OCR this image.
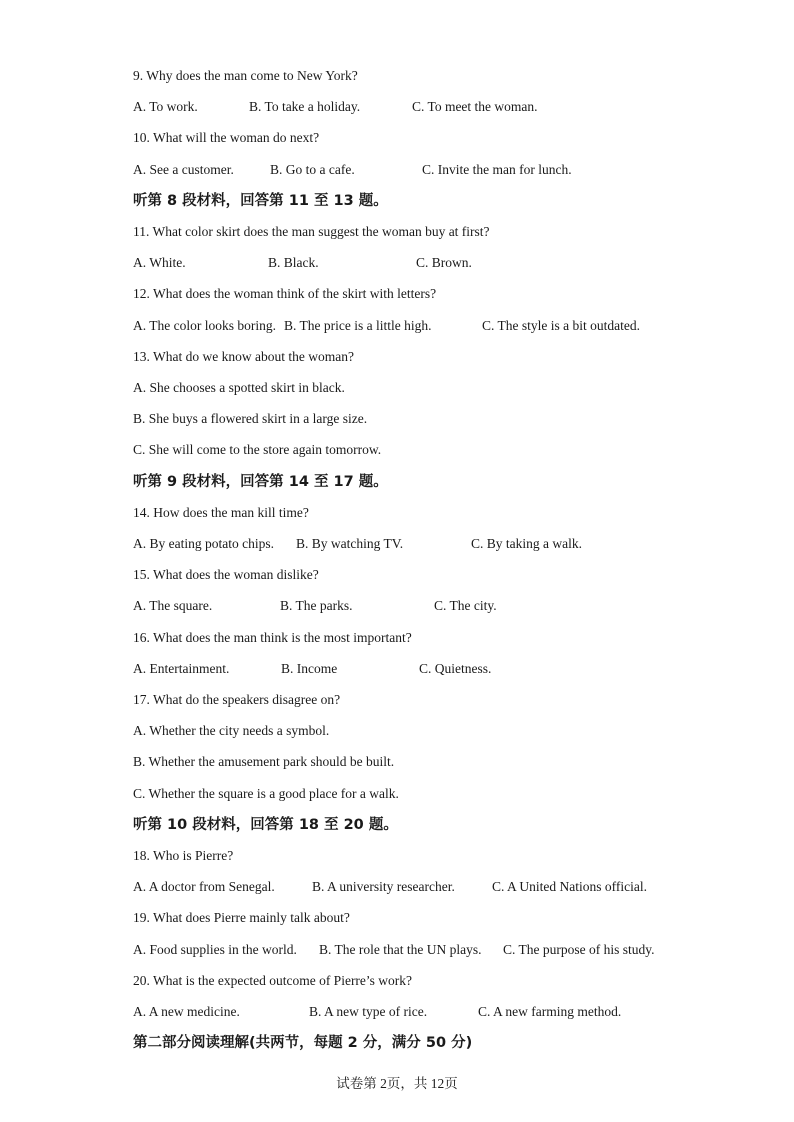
9. Why does the man come to New York?
A. To work.	B. To take a holiday.	C. To meet the woman.
10. What will the woman do next?
A. See a customer.	B. Go to a cafe.	C. Invite the man for lunch.
听第 8 段材料，回答第 11 至 13 题。
11. What color skirt does the man suggest the woman buy at first?
A. White.	B. Black.	C. Brown.
12. What does the woman think of the skirt with letters?
A. The color looks boring. B. The price is a little high.	C. The style is a bit outdated.
13. What do we know about the woman?
A. She chooses a spotted skirt in black.
B. She buys a flowered skirt in a large size.
C. She will come to the store again tomorrow.
听第 9 段材料，回答第 14 至 17 题。
14. How does the man kill time?
A. By eating potato chips. B. By watching TV.	C. By taking a walk.
15. What does the woman dislike?
A. The square.	B. The parks.	C. The city.
16. What does the man think is the most important?
A. Entertainment.	B. Income	C. Quietness.
17. What do the speakers disagree on?
A. Whether the city needs a symbol.
B. Whether the amusement park should be built.
C. Whether the square is a good place for a walk.
听第 10 段材料，回答第 18 至 20 题。
18. Who is Pierre?
A. A doctor from Senegal.	B. A university researcher.	C. A United Nations official.
19. What does Pierre mainly talk about?
A. Food supplies in the world. B. The role that the UN plays. C. The purpose of his study.
20. What is the expected outcome of Pierre’s work?
A. A new medicine.	B. A new type of rice.	C. A new farming method.
第二部分阅读理解(共两节，每题 2 分，满分 50 分)
试卷第 2页，共 12页
